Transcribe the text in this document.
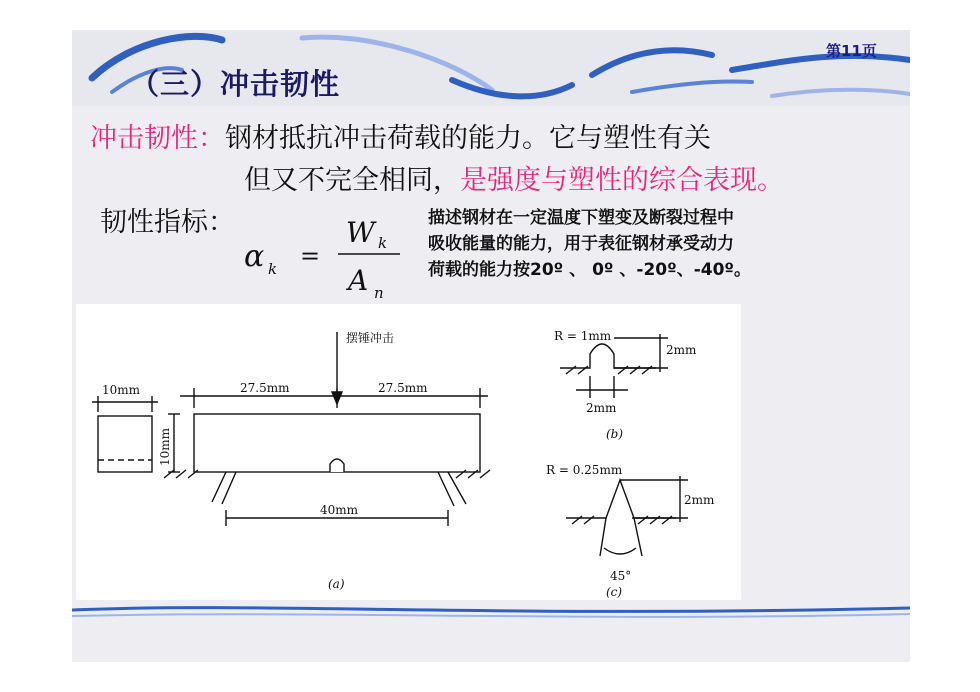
（三）冲击韧性
第11页
冲击韧性：钢材抵抗冲击荷载的能力。它与塑性有关
但又不完全相同，是强度与塑性的综合表现。
韧性指标：
α k =
W k
A n
描述钢材在一定温度下塑变及断裂过程中
吸收能量的能力，用于表征钢材承受动力
荷载的能力按20º 、 0º 、-20º、-40º。
摆锤冲击
10mm	27.5mm	27.5mm
10mm
40mm
(a)
R = 1mm
2mm
2mm
(b)
R = 0.25mm
2mm
45°
(c)
